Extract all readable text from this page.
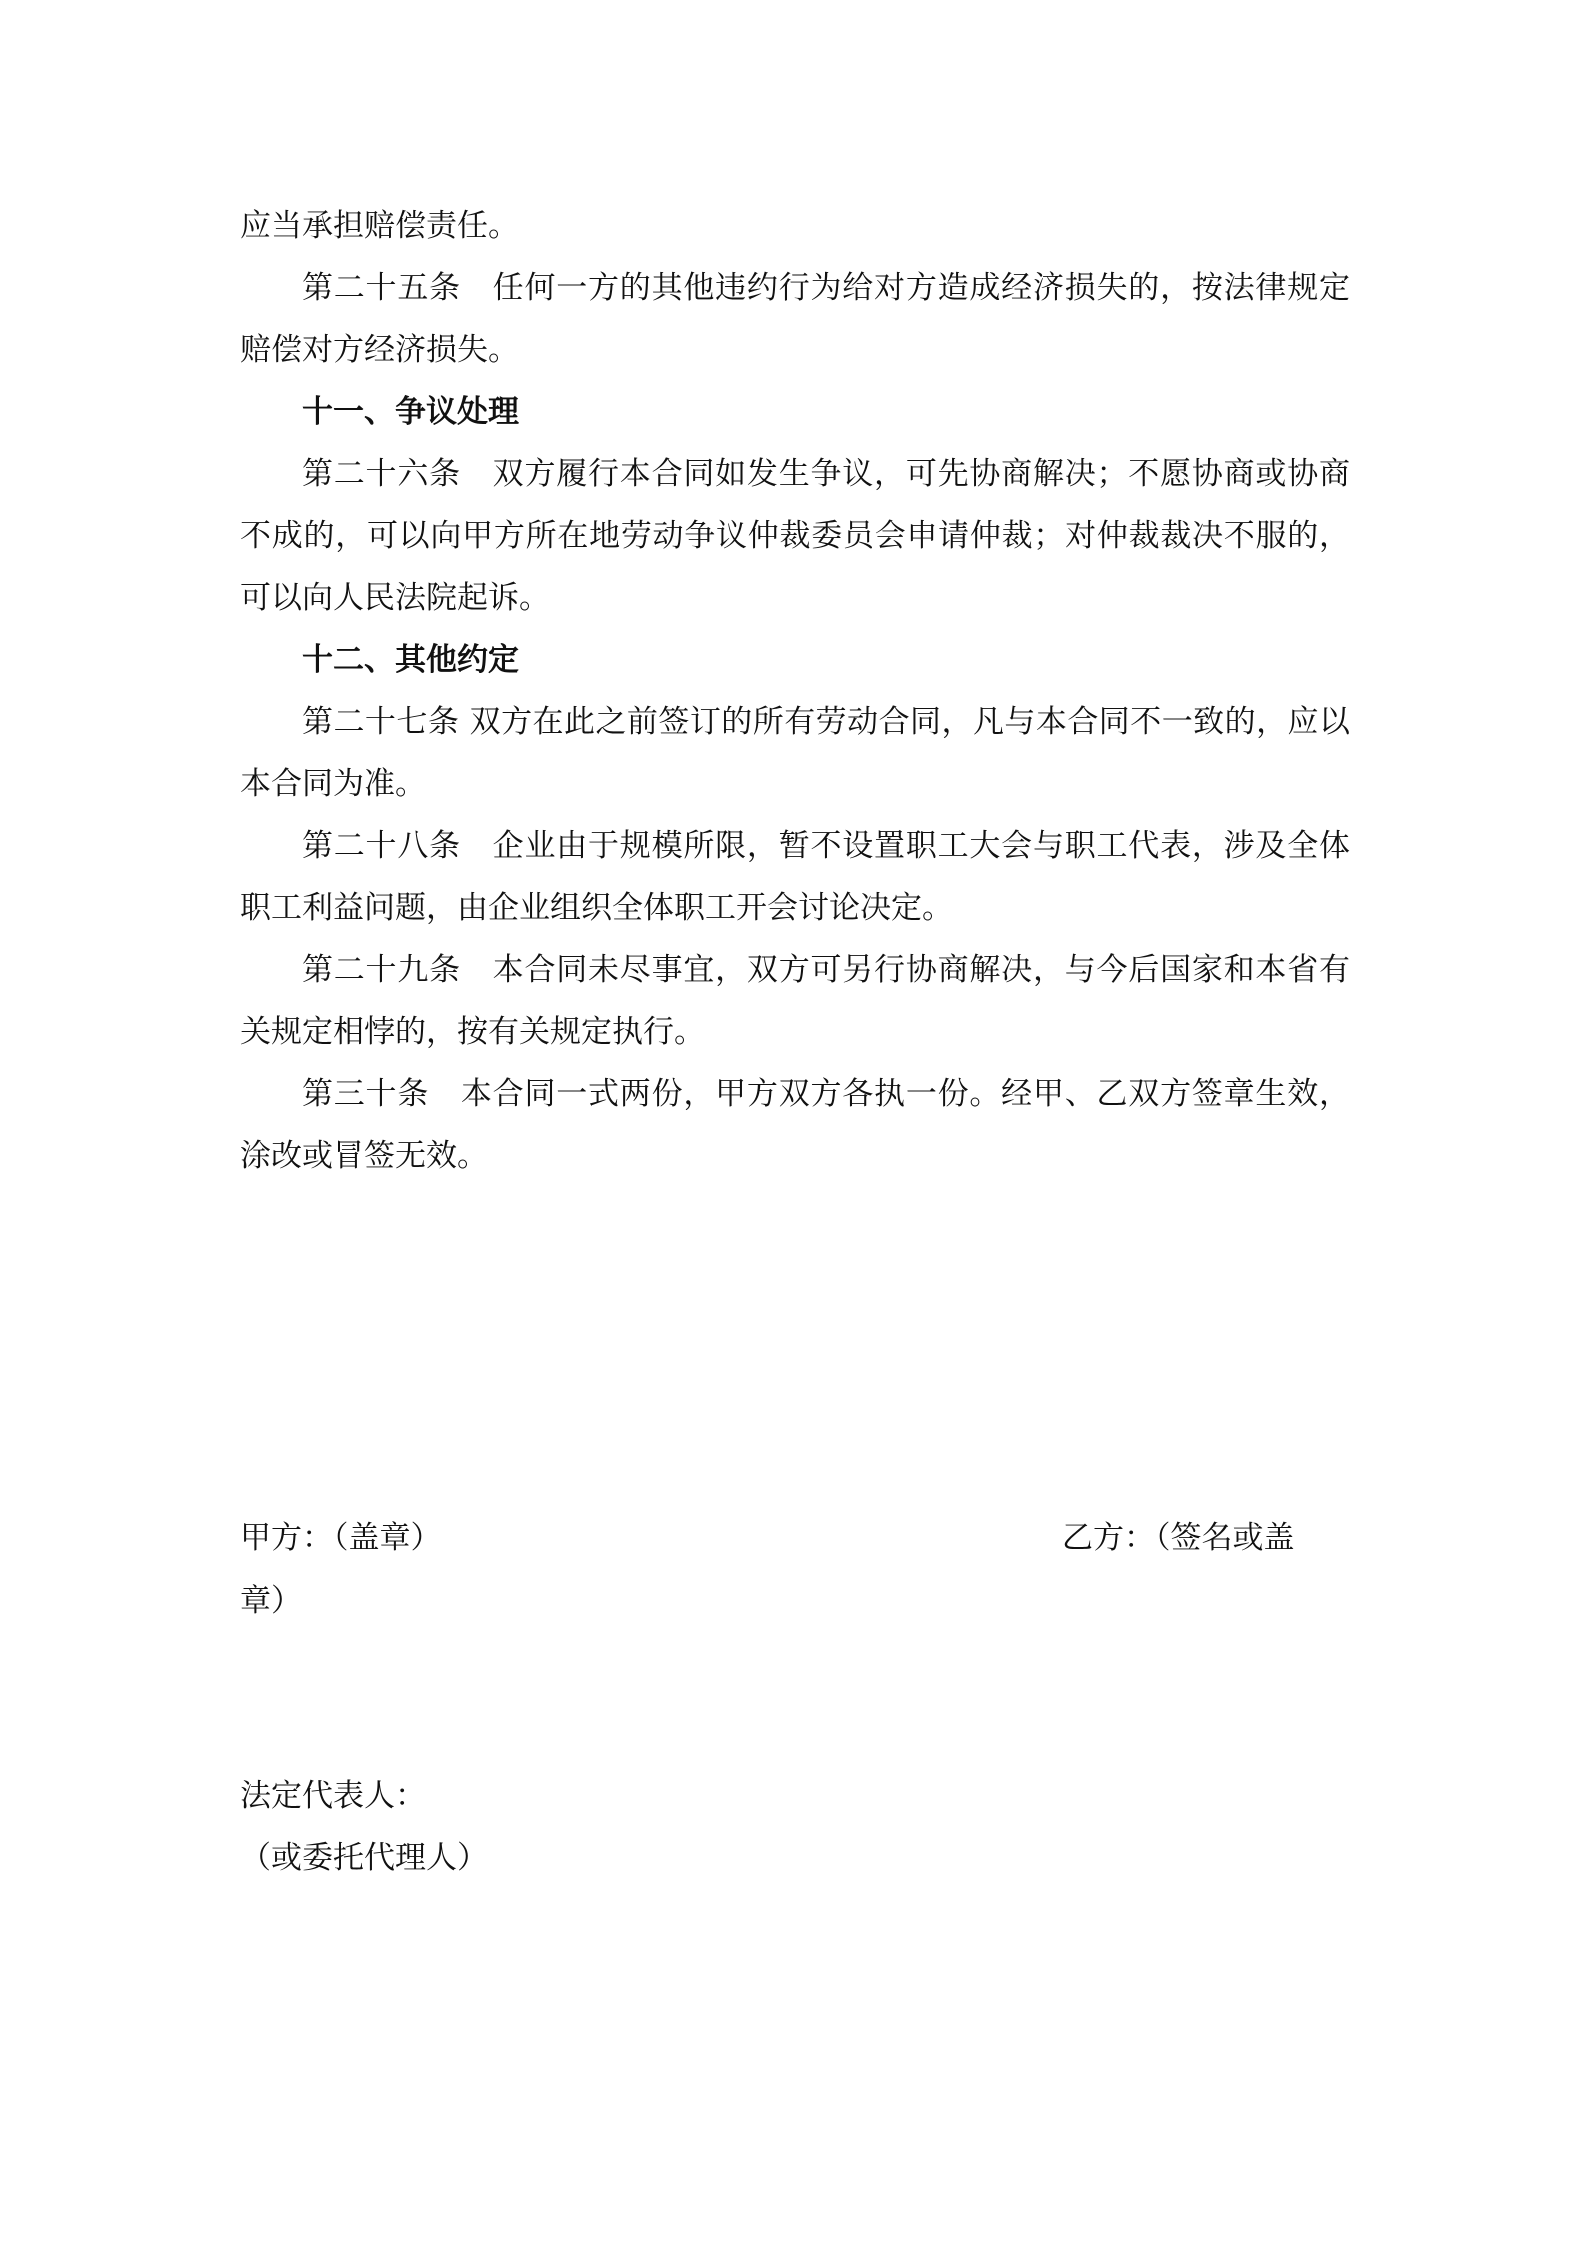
应当承担赔偿责任。

第二十五条　任何一方的其他违约行为给对方造成经济损失的，按法律规定赔偿对方经济损失。

十一、争议处理

第二十六条　双方履行本合同如发生争议，可先协商解决；不愿协商或协商不成的，可以向甲方所在地劳动争议仲裁委员会申请仲裁；对仲裁裁决不服的，可以向人民法院起诉。

十二、其他约定

第二十七条 双方在此之前签订的所有劳动合同，凡与本合同不一致的，应以本合同为准。

第二十八条　企业由于规模所限，暂不设置职工大会与职工代表，涉及全体职工利益问题，由企业组织全体职工开会讨论决定。

第二十九条　本合同未尽事宜，双方可另行协商解决，与今后国家和本省有关规定相悖的，按有关规定执行。

第三十条　本合同一式两份，甲方双方各执一份。经甲、乙双方签章生效，涂改或冒签无效。

甲方：（盖章）	乙方：（签名或盖
章）
法定代表人：
（或委托代理人）
